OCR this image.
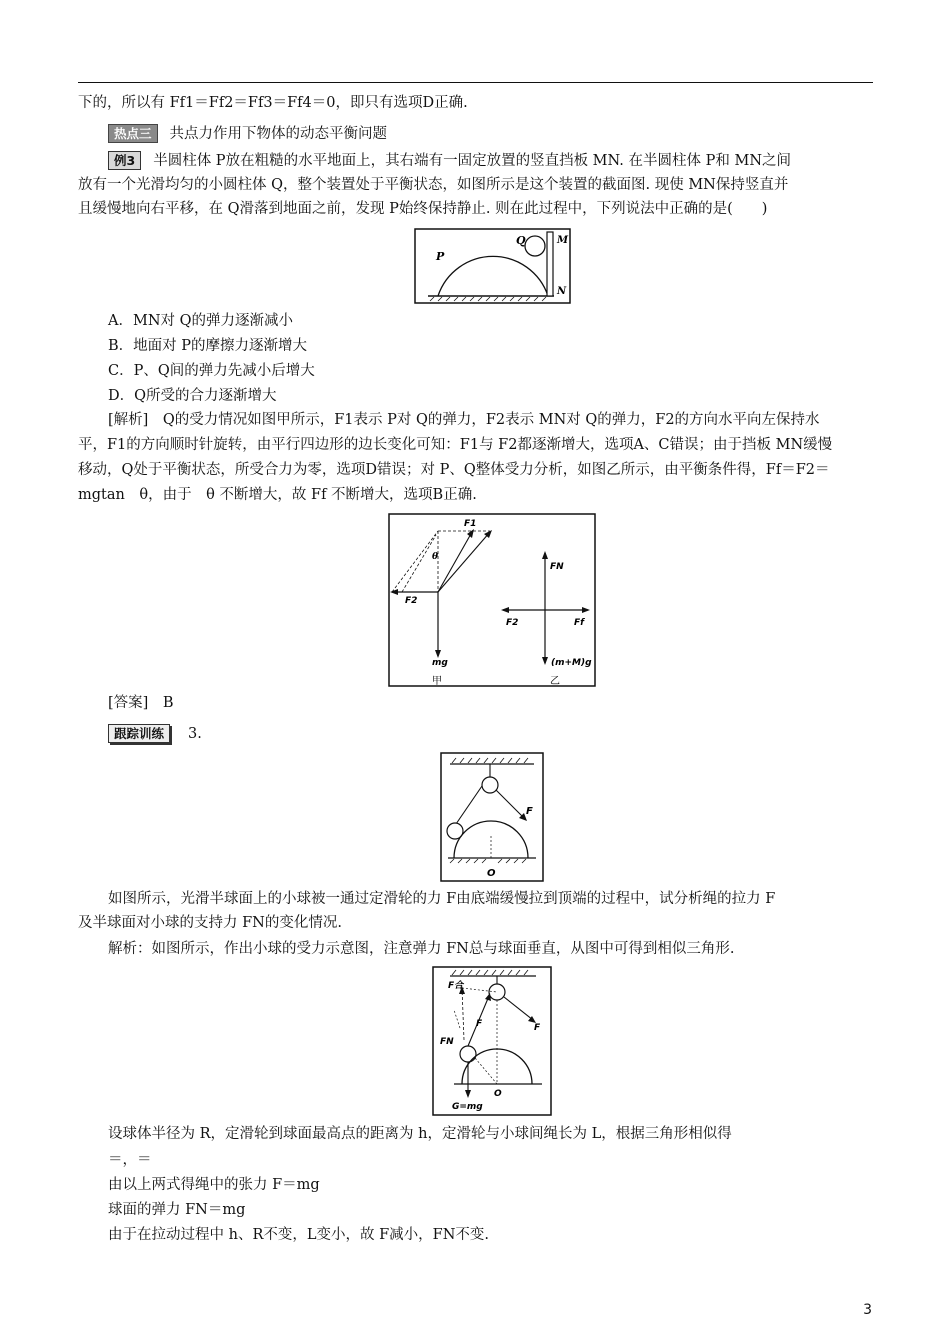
下的，所以有 Ff1＝Ff2＝Ff3＝Ff4＝0，即只有选项D正确.
热点三 共点力作用下物体的动态平衡问题
例3 半圆柱体 P放在粗糙的水平地面上，其右端有一固定放置的竖直挡板 MN. 在半圆柱体 P和 MN之间
放有一个光滑均匀的小圆柱体 Q，整个装置处于平衡状态，如图所示是这个装置的截面图. 现使 MN保持竖直并
且缓慢地向右平移，在 Q滑落到地面之前，发现 P始终保持静止. 则在此过程中，下列说法中正确的是(　　)
Q	M
P
N
A．MN对 Q的弹力逐渐减小
B．地面对 P的摩擦力逐渐增大
C．P、Q间的弹力先减小后增大
D．Q所受的合力逐渐增大
[解析]　Q的受力情况如图甲所示，F1表示 P对 Q的弹力，F2表示 MN对 Q的弹力，F2的方向水平向左保持水
平，F1的方向顺时针旋转，由平行四边形的边长变化可知：F1与 F2都逐渐增大，选项A、C错误；由于挡板 MN缓慢
移动，Q处于平衡状态，所受合力为零，选项D错误；对 P、Q整体受力分析，如图乙所示，由平衡条件得，Ff＝F2＝
mgtan　θ，由于　θ 不断增大，故 Ff 不断增大，选项B正确.
F1
θ
F2
mg
甲
FN
F2	Ff
(m+M)g
乙
[答案]　B
跟踪训练 3.
F
O
如图所示，光滑半球面上的小球被一通过定滑轮的力 F由底端缓慢拉到顶端的过程中，试分析绳的拉力 F
及半球面对小球的支持力 FN的变化情况.
解析：如图所示，作出小球的受力示意图，注意弹力 FN总与球面垂直，从图中可得到相似三角形.
F合
F	F
FN
O
G=mg
设球体半径为 R，定滑轮到球面最高点的距离为 h，定滑轮与小球间绳长为 L，根据三角形相似得
＝，＝
由以上两式得绳中的张力 F＝mg
球面的弹力 FN＝mg
由于在拉动过程中 h、R不变，L变小，故 F减小，FN不变.
3
